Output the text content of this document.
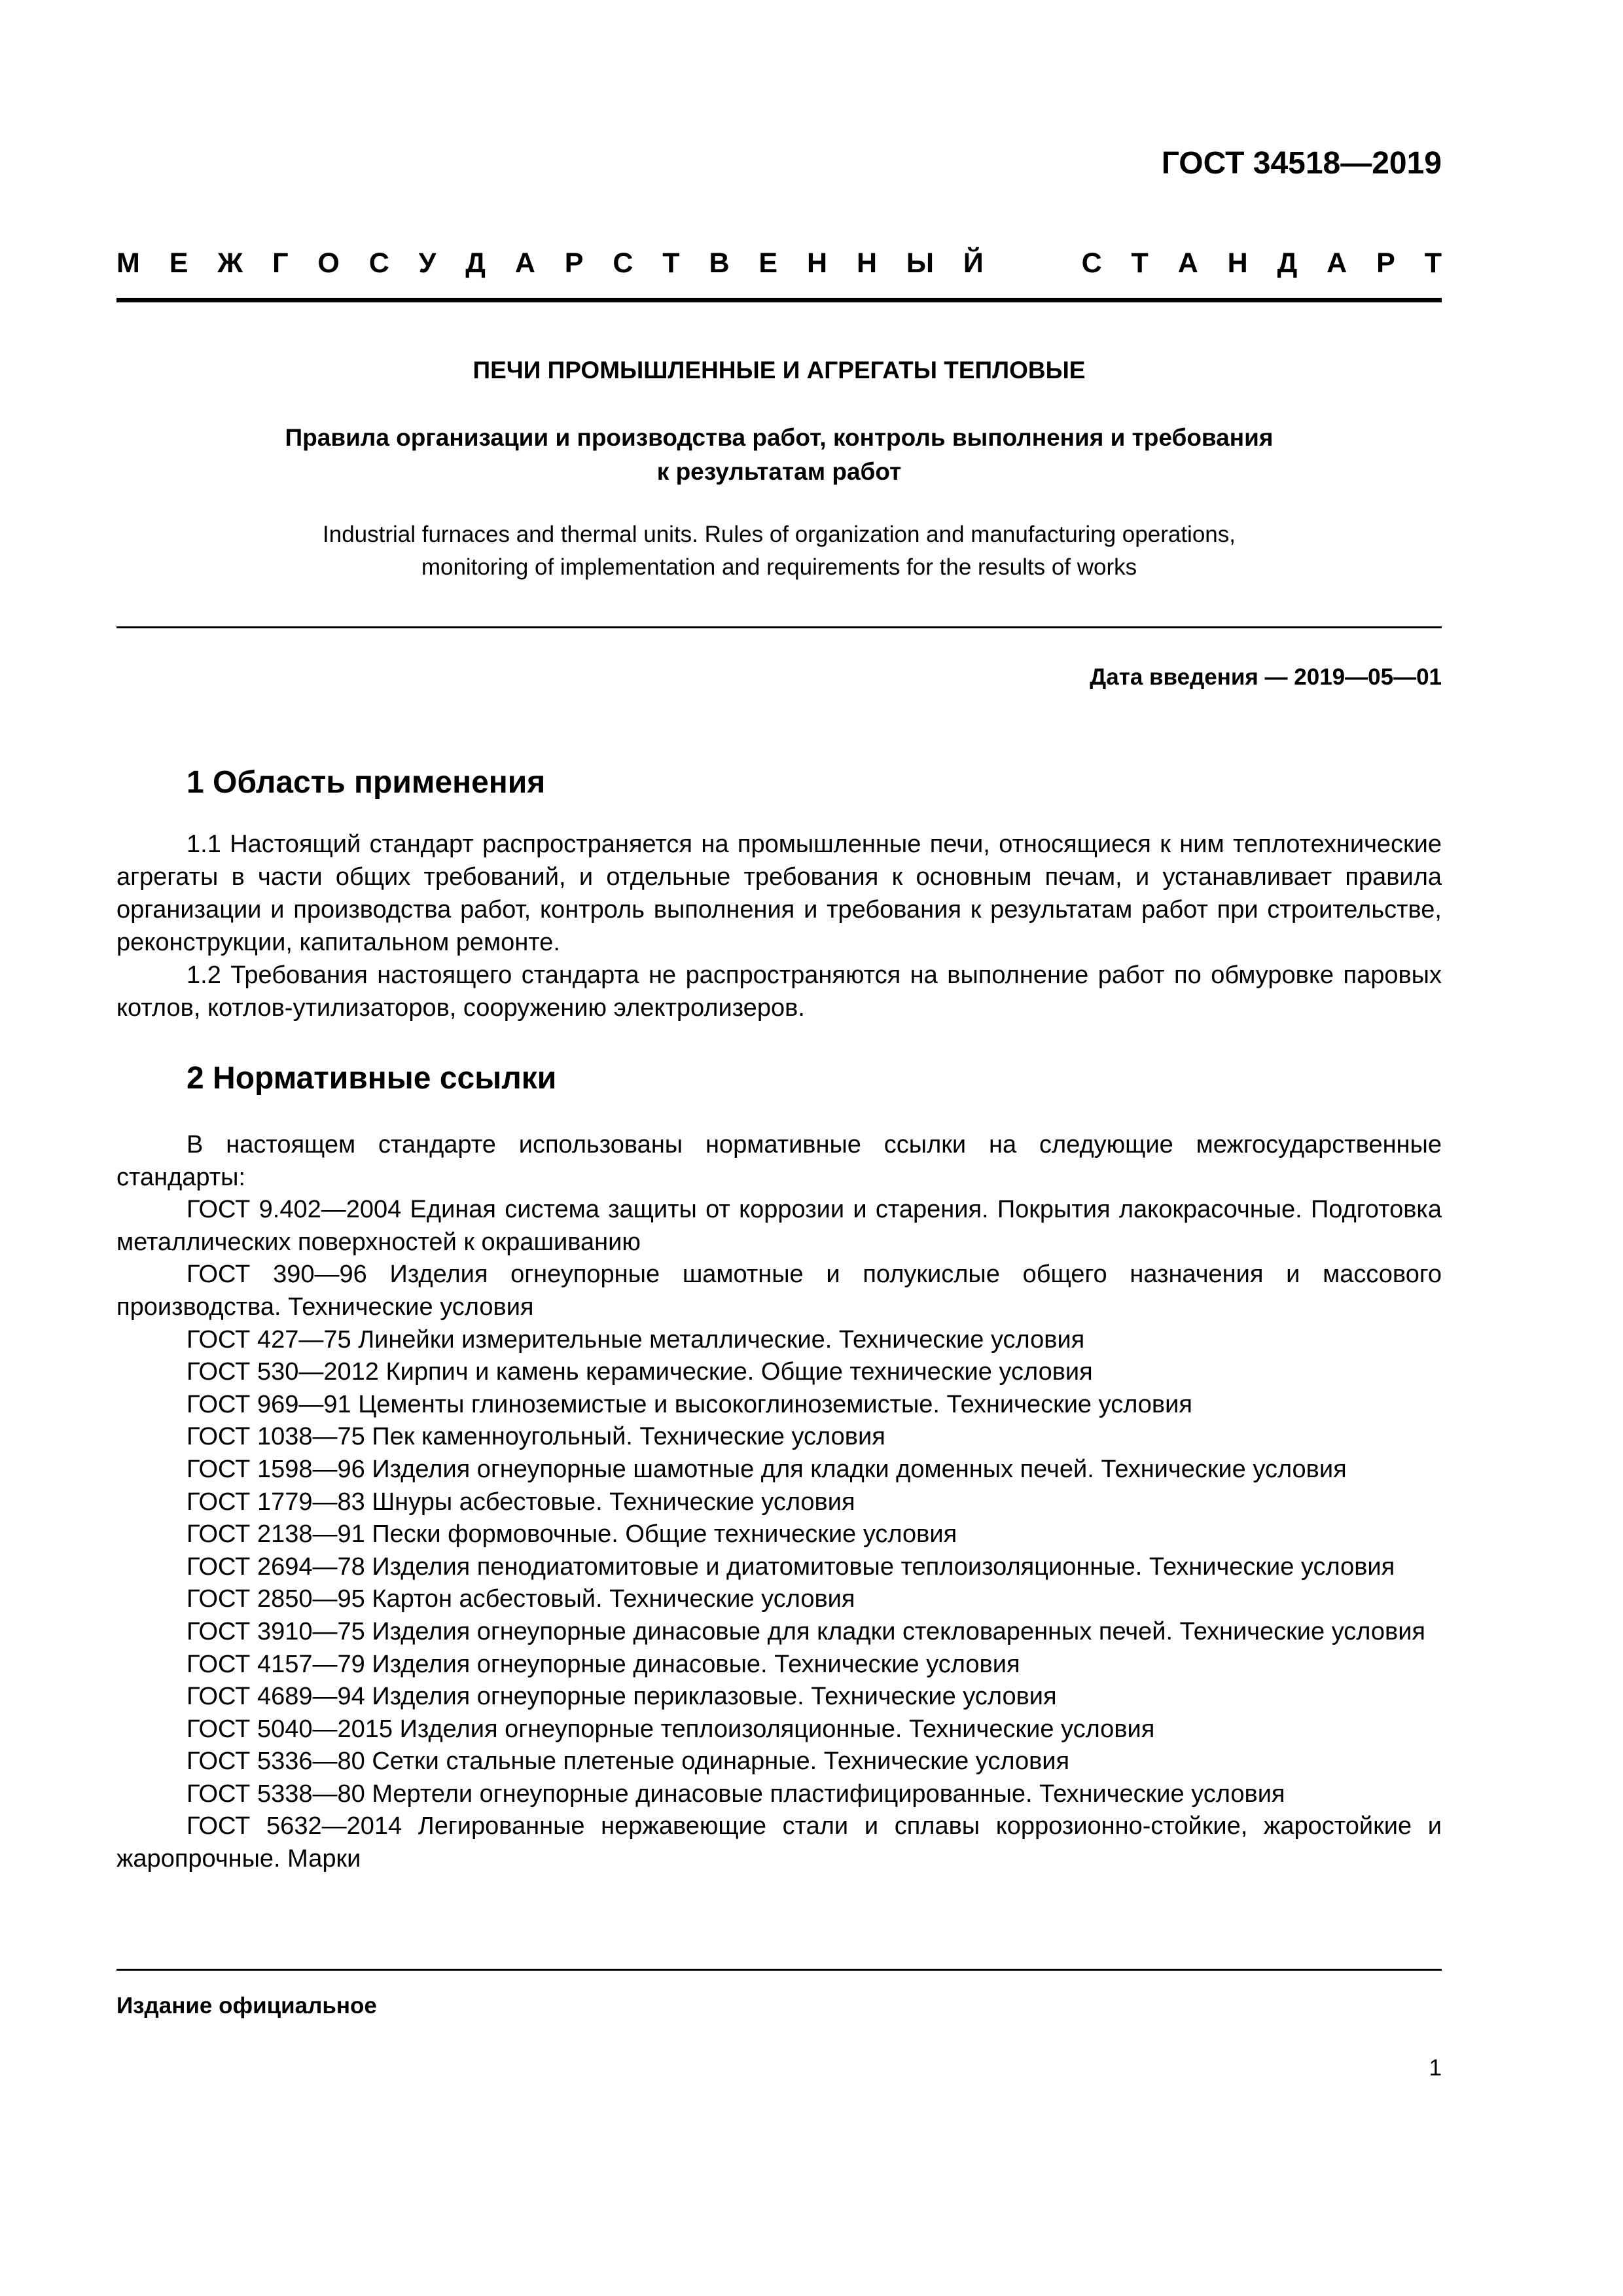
ГОСТ 34518—2019
М Е Ж Г О С У Д А Р С Т В Е Н Н Ы Й	С Т А Н Д А Р Т
ПЕЧИ ПРОМЫШЛЕННЫЕ И АГРЕГАТЫ ТЕПЛОВЫЕ
Правила организации и производства работ, контроль выполнения и требования
к результатам работ
Industrial furnaces and thermal units. Rules of organization and manufacturing operations,
monitoring of implementation and requirements for the results of works
Дата введения — 2019—05—01
1 Область применения

1.1 Настоящий стандарт распространяется на промышленные печи, относящиеся к ним теплотехнические агрегаты в части общих требований, и отдельные требования к основным печам, и устанавливает правила организации и производства работ, контроль выполнения и требования к результатам работ при строительстве, реконструкции, капитальном ремонте.

1.2 Требования настоящего стандарта не распространяются на выполнение работ по обмуровке паровых котлов, котлов-утилизаторов, сооружению электролизеров.

2 Нормативные ссылки

В настоящем стандарте использованы нормативные ссылки на следующие межгосударственные стандарты:

ГОСТ 9.402—2004 Единая система защиты от коррозии и старения. Покрытия лакокрасочные. Подготовка металлических поверхностей к окрашиванию

ГОСТ 390—96 Изделия огнеупорные шамотные и полукислые общего назначения и массового производства. Технические условия

ГОСТ 427—75 Линейки измерительные металлические. Технические условия

ГОСТ 530—2012 Кирпич и камень керамические. Общие технические условия

ГОСТ 969—91 Цементы глиноземистые и высокоглиноземистые. Технические условия

ГОСТ 1038—75 Пек каменноугольный. Технические условия

ГОСТ 1598—96 Изделия огнеупорные шамотные для кладки доменных печей. Технические условия

ГОСТ 1779—83 Шнуры асбестовые. Технические условия

ГОСТ 2138—91 Пески формовочные. Общие технические условия

ГОСТ 2694—78 Изделия пенодиатомитовые и диатомитовые теплоизоляционные. Технические условия

ГОСТ 2850—95 Картон асбестовый. Технические условия

ГОСТ 3910—75 Изделия огнеупорные динасовые для кладки стекловаренных печей. Технические условия

ГОСТ 4157—79 Изделия огнеупорные динасовые. Технические условия

ГОСТ 4689—94 Изделия огнеупорные периклазовые. Технические условия

ГОСТ 5040—2015 Изделия огнеупорные теплоизоляционные. Технические условия

ГОСТ 5336—80 Сетки стальные плетеные одинарные. Технические условия

ГОСТ 5338—80 Мертели огнеупорные динасовые пластифицированные. Технические условия

ГОСТ 5632—2014 Легированные нержавеющие стали и сплавы коррозионно-стойкие, жаростойкие и жаропрочные. Марки

Издание официальное
1
